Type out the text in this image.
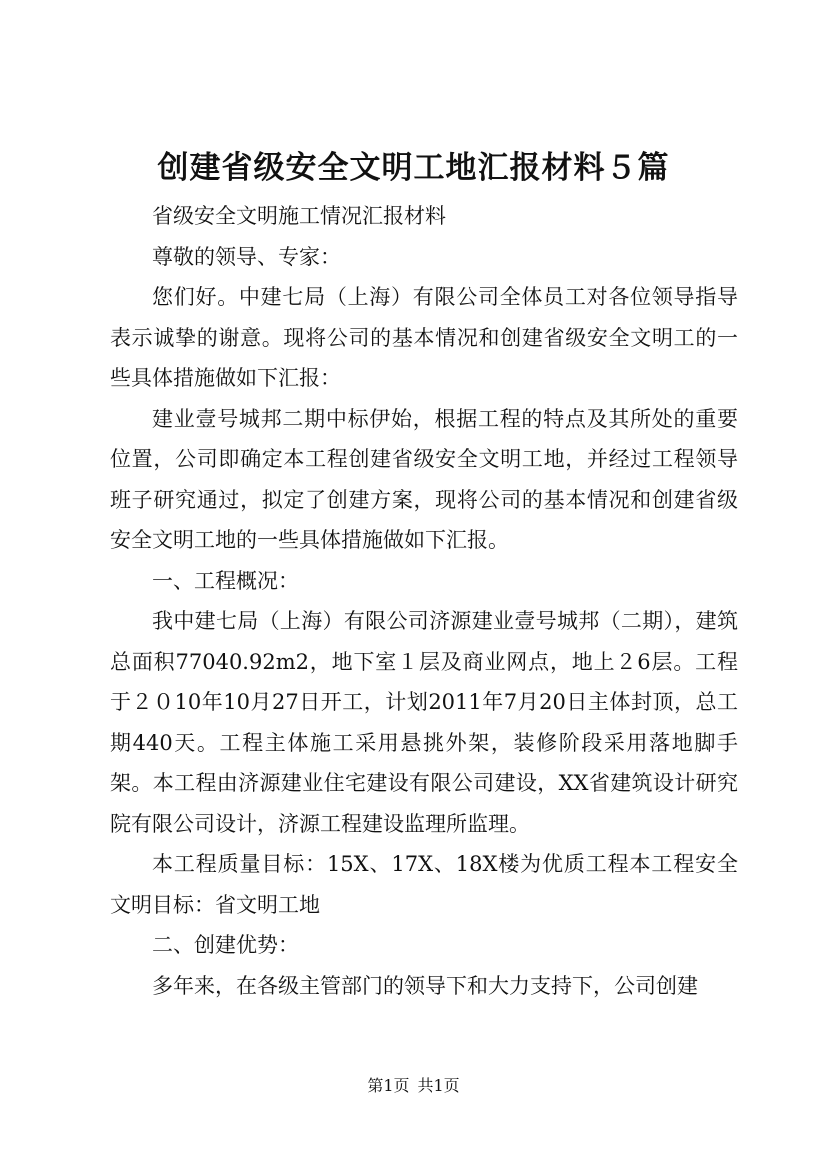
创建省级安全文明工地汇报材料５篇

省级安全文明施工情况汇报材料

尊敬的领导、专家：

您们好。中建七局（上海）有限公司全体员工对各位领导指导表示诚挚的谢意。现将公司的基本情况和创建省级安全文明工的一些具体措施做如下汇报：

建业壹号城邦二期中标伊始，根据工程的特点及其所处的重要位置，公司即确定本工程创建省级安全文明工地，并经过工程领导班子研究通过，拟定了创建方案，现将公司的基本情况和创建省级安全文明工地的一些具体措施做如下汇报。

一、工程概况：

我中建七局（上海）有限公司济源建业壹号城邦（二期），建筑总面积77040.92m2，地下室１层及商业网点，地上２6层。工程于２０10年10月27日开工，计划2011年7月20日主体封顶，总工期440天。工程主体施工采用悬挑外架，装修阶段采用落地脚手架。本工程由济源建业住宅建设有限公司建设，XX省建筑设计研究院有限公司设计，济源工程建设监理所监理。

本工程质量目标：15X、17X、18X楼为优质工程本工程安全文明目标：省文明工地

二、创建优势：

多年来，在各级主管部门的领导下和大力支持下，公司创建

第1页 共1页
